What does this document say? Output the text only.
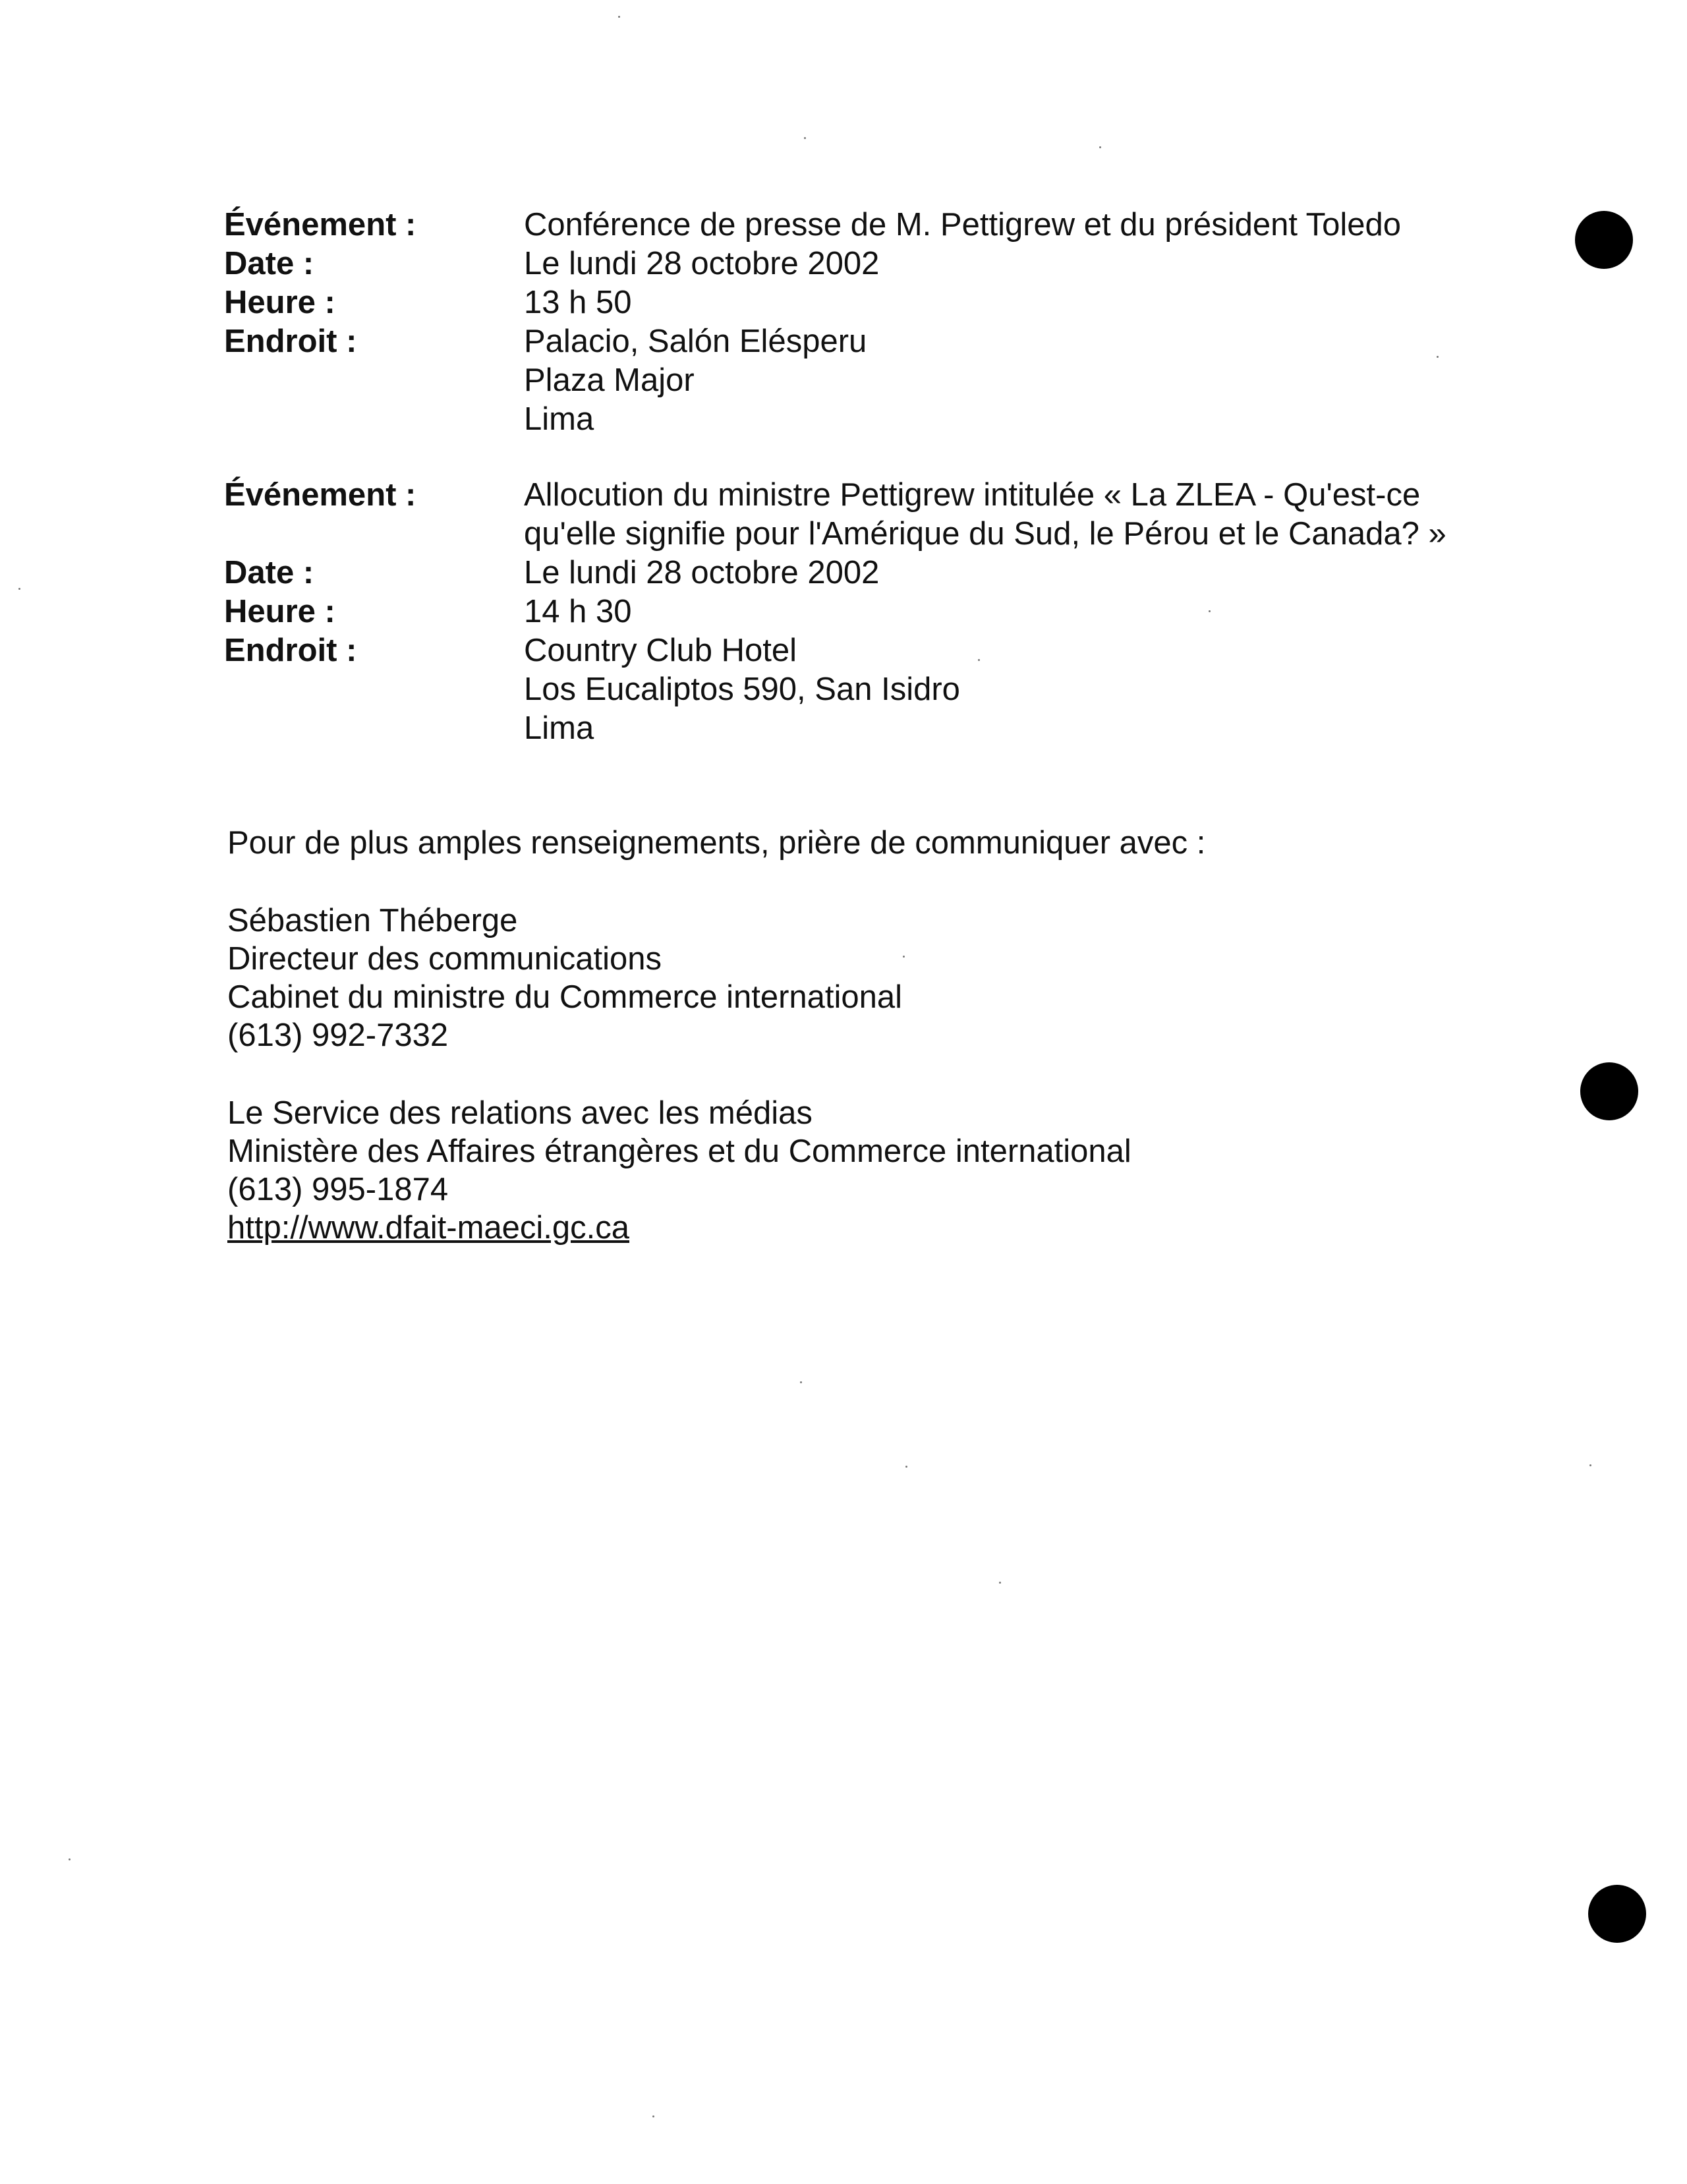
Événement :	Conférence de presse de M. Pettigrew et du président Toledo
Date :	Le lundi 28 octobre 2002
Heure :	13 h 50
Endroit :	Palacio, Salón Elésperu
Plaza Major
Lima
Événement :	Allocution du ministre Pettigrew intitulée « La ZLEA - Qu'est-ce
qu'elle signifie pour l'Amérique du Sud, le Pérou et le Canada? »
Date :	Le lundi 28 octobre 2002
Heure :	14 h 30
Endroit :	Country Club Hotel
Los Eucaliptos 590, San Isidro
Lima
Pour de plus amples renseignements, prière de communiquer avec :
Sébastien Théberge
Directeur des communications
Cabinet du ministre du Commerce international
(613) 992-7332
Le Service des relations avec les médias
Ministère des Affaires étrangères et du Commerce international
(613) 995-1874
http://www.dfait-maeci.gc.ca
